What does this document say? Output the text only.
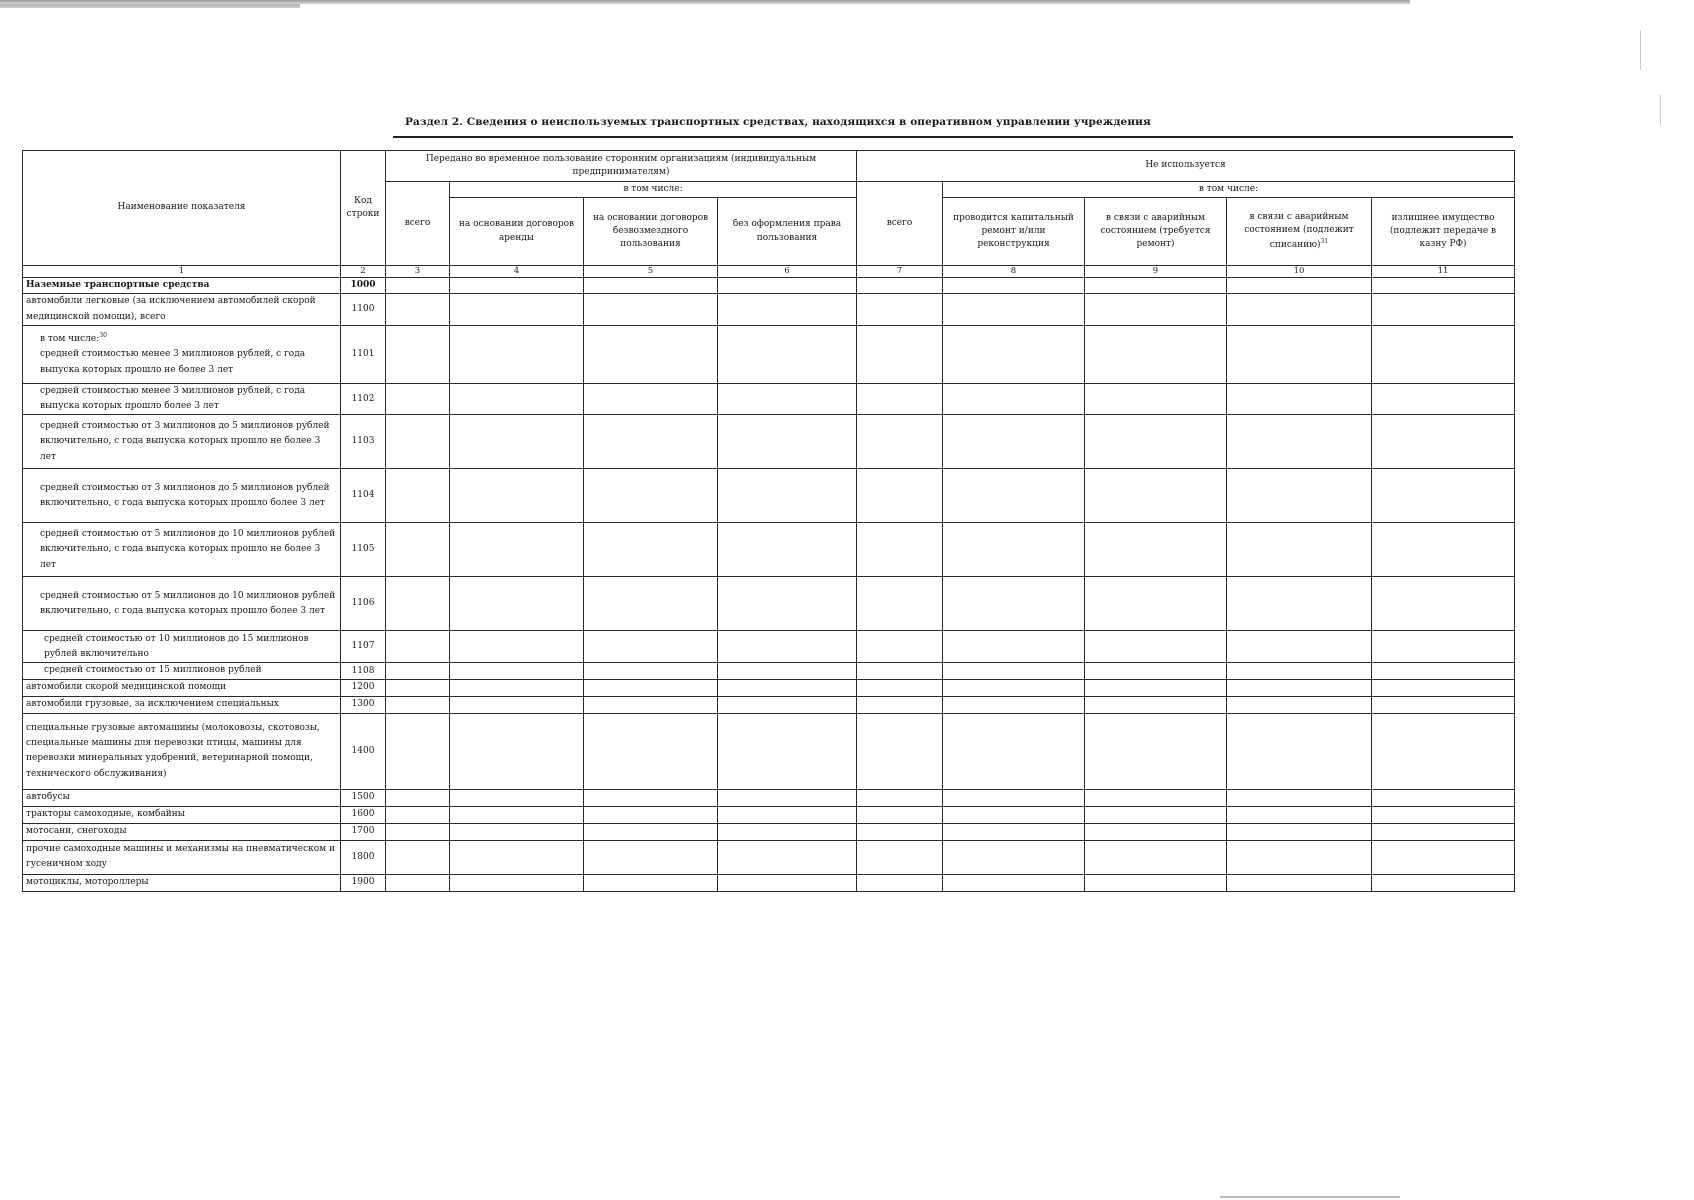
Раздел 2. Сведения о неиспользуемых транспортных средствах, находящихся в оперативном управлении учреждения
Наименование показателя	Код строки	Передано во временное пользование сторонним организациям (индивидуальным предпринимателям)				Не используется				
		всего	в том числе:			всего	в том числе:			
			на основании договоров аренды	на основании договоров безвозмездного пользования	без оформления права пользования		проводится капитальный ремонт и/или реконструкция	в связи с аварийным состоянием (требуется ремонт)	в связи с аварийным состоянием (подлежит списанию)$^{31}$	излишнее имущество (подлежит передаче в казну РФ)
1	2	3	4	5	6	7	8	9	10	11
Наземные транспортные средства	1000									
автомобили легковые (за исключением автомобилей скорой медицинской помощи), всего	1100									

в том числе:$^{30}$
средней стоимостью менее 3 миллионов рублей, с года выпуска которых прошло не более 3 лет	1101									
средней стоимостью менее 3 миллионов рублей, с года выпуска которых прошло более 3 лет	1102									
средней стоимостью от 3 миллионов до 5 миллионов рублей включительно, с года выпуска которых прошло не более 3 лет	1103									
средней стоимостью от 3 миллионов до 5 миллионов рублей включительно, с года выпуска которых прошло более 3 лет	1104									
средней стоимостью от 5 миллионов до 10 миллионов рублей включительно, с года выпуска которых прошло не более 3 лет	1105									
средней стоимостью от 5 миллионов до 10 миллионов рублей включительно, с года выпуска которых прошло более 3 лет	1106									
средней стоимостью от 10 миллионов до 15 миллионов рублей включительно	1107									
средней стоимостью от 15 миллионов рублей	1108									
автомобили скорой медицинской помощи	1200									
автомобили грузовые, за исключением специальных	1300									
специальные грузовые автомашины (молоковозы, скотовозы, специальные машины для перевозки птицы, машины для перевозки минеральных удобрений, ветеринарной помощи, технического обслуживания)	1400									
автобусы	1500									
тракторы самоходные, комбайны	1600									
мотосани, снегоходы	1700									
прочие самоходные машины и механизмы на пневматическом и гусеничном ходу	1800									
мотоциклы, мотороллеры	1900									
